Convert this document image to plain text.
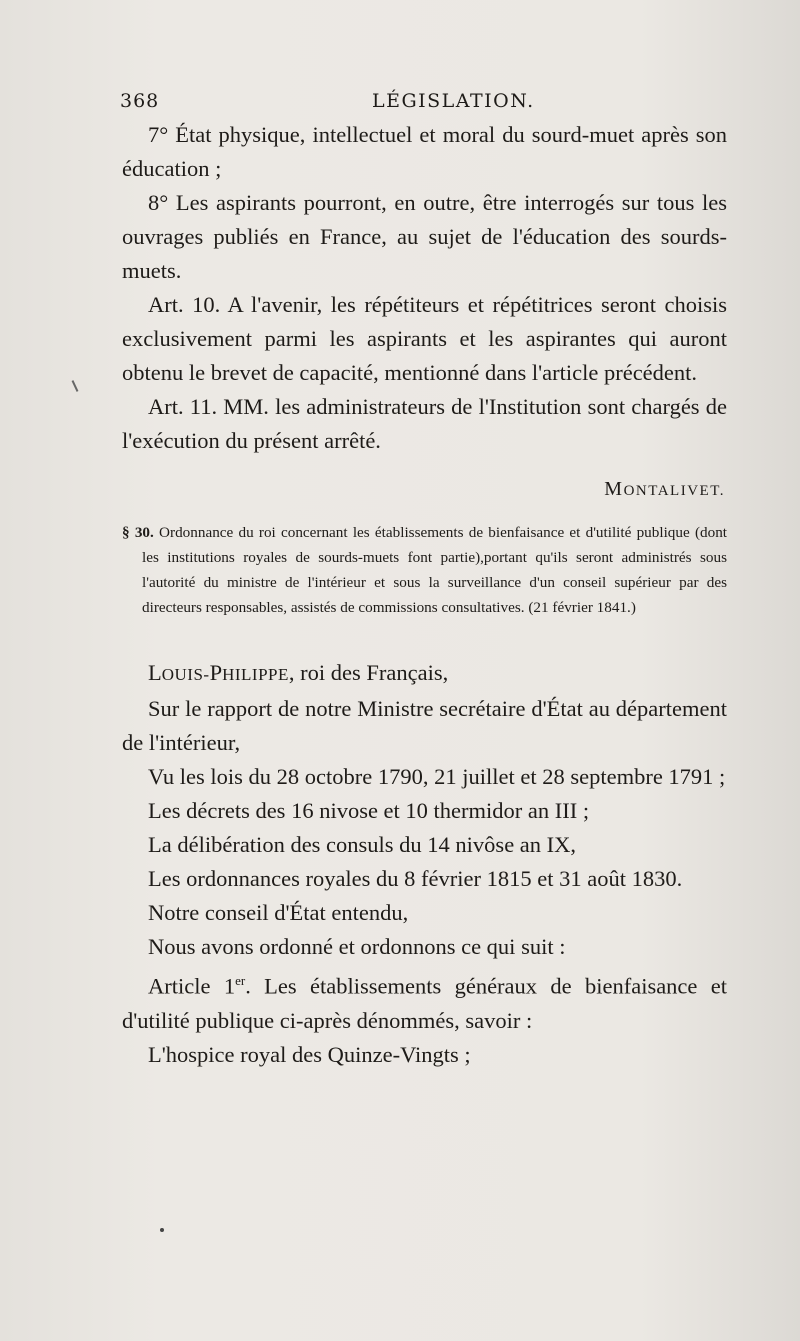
368	LÉGISLATION.

7° État physique, intellectuel et moral du sourd-muet après son éducation ;

8° Les aspirants pourront, en outre, être interrogés sur tous les ouvrages publiés en France, au sujet de l'éducation des sourds-muets.

Art. 10. A l'avenir, les répétiteurs et répétitrices seront choisis exclusivement parmi les aspirants et les aspirantes qui auront obtenu le brevet de capacité, mentionné dans l'article précédent.

Art. 11. MM. les administrateurs de l'Institution sont chargés de l'exécution du présent arrêté.

MONTALIVET.
§ 30. Ordonnance du roi concernant les établissements de bienfaisance et d'utilité publique (dont les institutions royales de sourds-muets font partie),portant qu'ils seront administrés sous l'autorité du ministre de l'intérieur et sous la surveillance d'un conseil supérieur par des directeurs responsables, assistés de commissions consultatives. (21 février 1841.)

LOUIS-PHILIPPE, roi des Français,

Sur le rapport de notre Ministre secrétaire d'État au département de l'intérieur,

Vu les lois du 28 octobre 1790, 21 juillet et 28 septembre 1791 ;

Les décrets des 16 nivose et 10 thermidor an III ;

La délibération des consuls du 14 nivôse an IX,

Les ordonnances royales du 8 février 1815 et 31 août 1830.

Notre conseil d'État entendu,

Nous avons ordonné et ordonnons ce qui suit :

Article 1er. Les établissements généraux de bienfaisance et d'utilité publique ci-après dénommés, savoir :

L'hospice royal des Quinze-Vingts ;
